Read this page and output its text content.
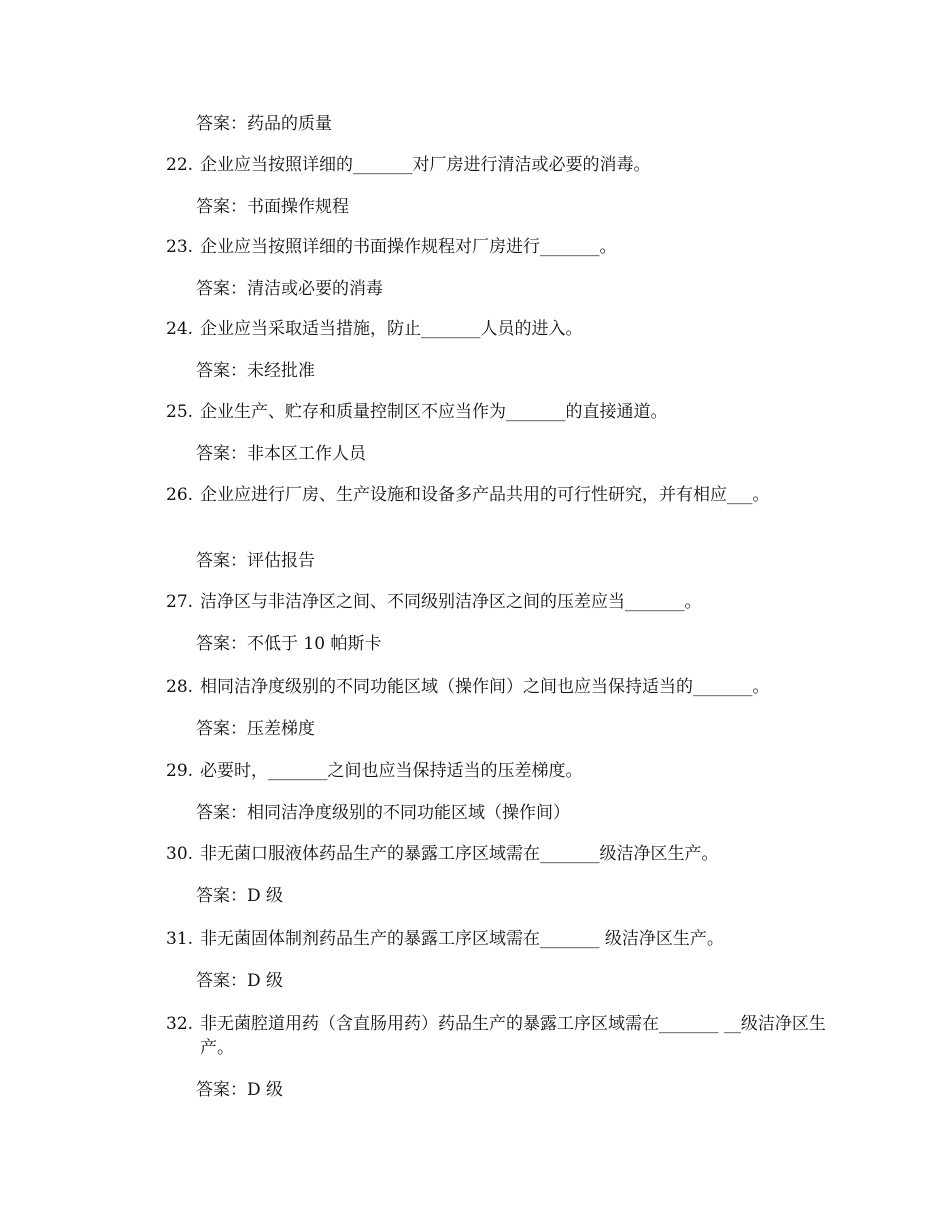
答案：药品的质量
22. 企业应当按照详细的_______对厂房进行清洁或必要的消毒。
答案：书面操作规程
23. 企业应当按照详细的书面操作规程对厂房进行_______。
答案：清洁或必要的消毒
24. 企业应当采取适当措施，防止_______人员的进入。
答案：未经批准
25. 企业生产、贮存和质量控制区不应当作为_______的直接通道。
答案：非本区工作人员
26. 企业应进行厂房、生产设施和设备多产品共用的可行性研究，并有相应___。
答案：评估报告
27. 洁净区与非洁净区之间、不同级别洁净区之间的压差应当_______。
答案：不低于 10 帕斯卡
28. 相同洁净度级别的不同功能区域（操作间）之间也应当保持适当的_______。
答案：压差梯度
29. 必要时，_______之间也应当保持适当的压差梯度。
答案：相同洁净度级别的不同功能区域（操作间）
30. 非无菌口服液体药品生产的暴露工序区域需在_______级洁净区生产。
答案：D 级
31. 非无菌固体制剂药品生产的暴露工序区域需在_______ 级洁净区生产。
答案：D 级
32. 非无菌腔道用药（含直肠用药）药品生产的暴露工序区域需在_______ __级洁净区生产。
答案：D 级
